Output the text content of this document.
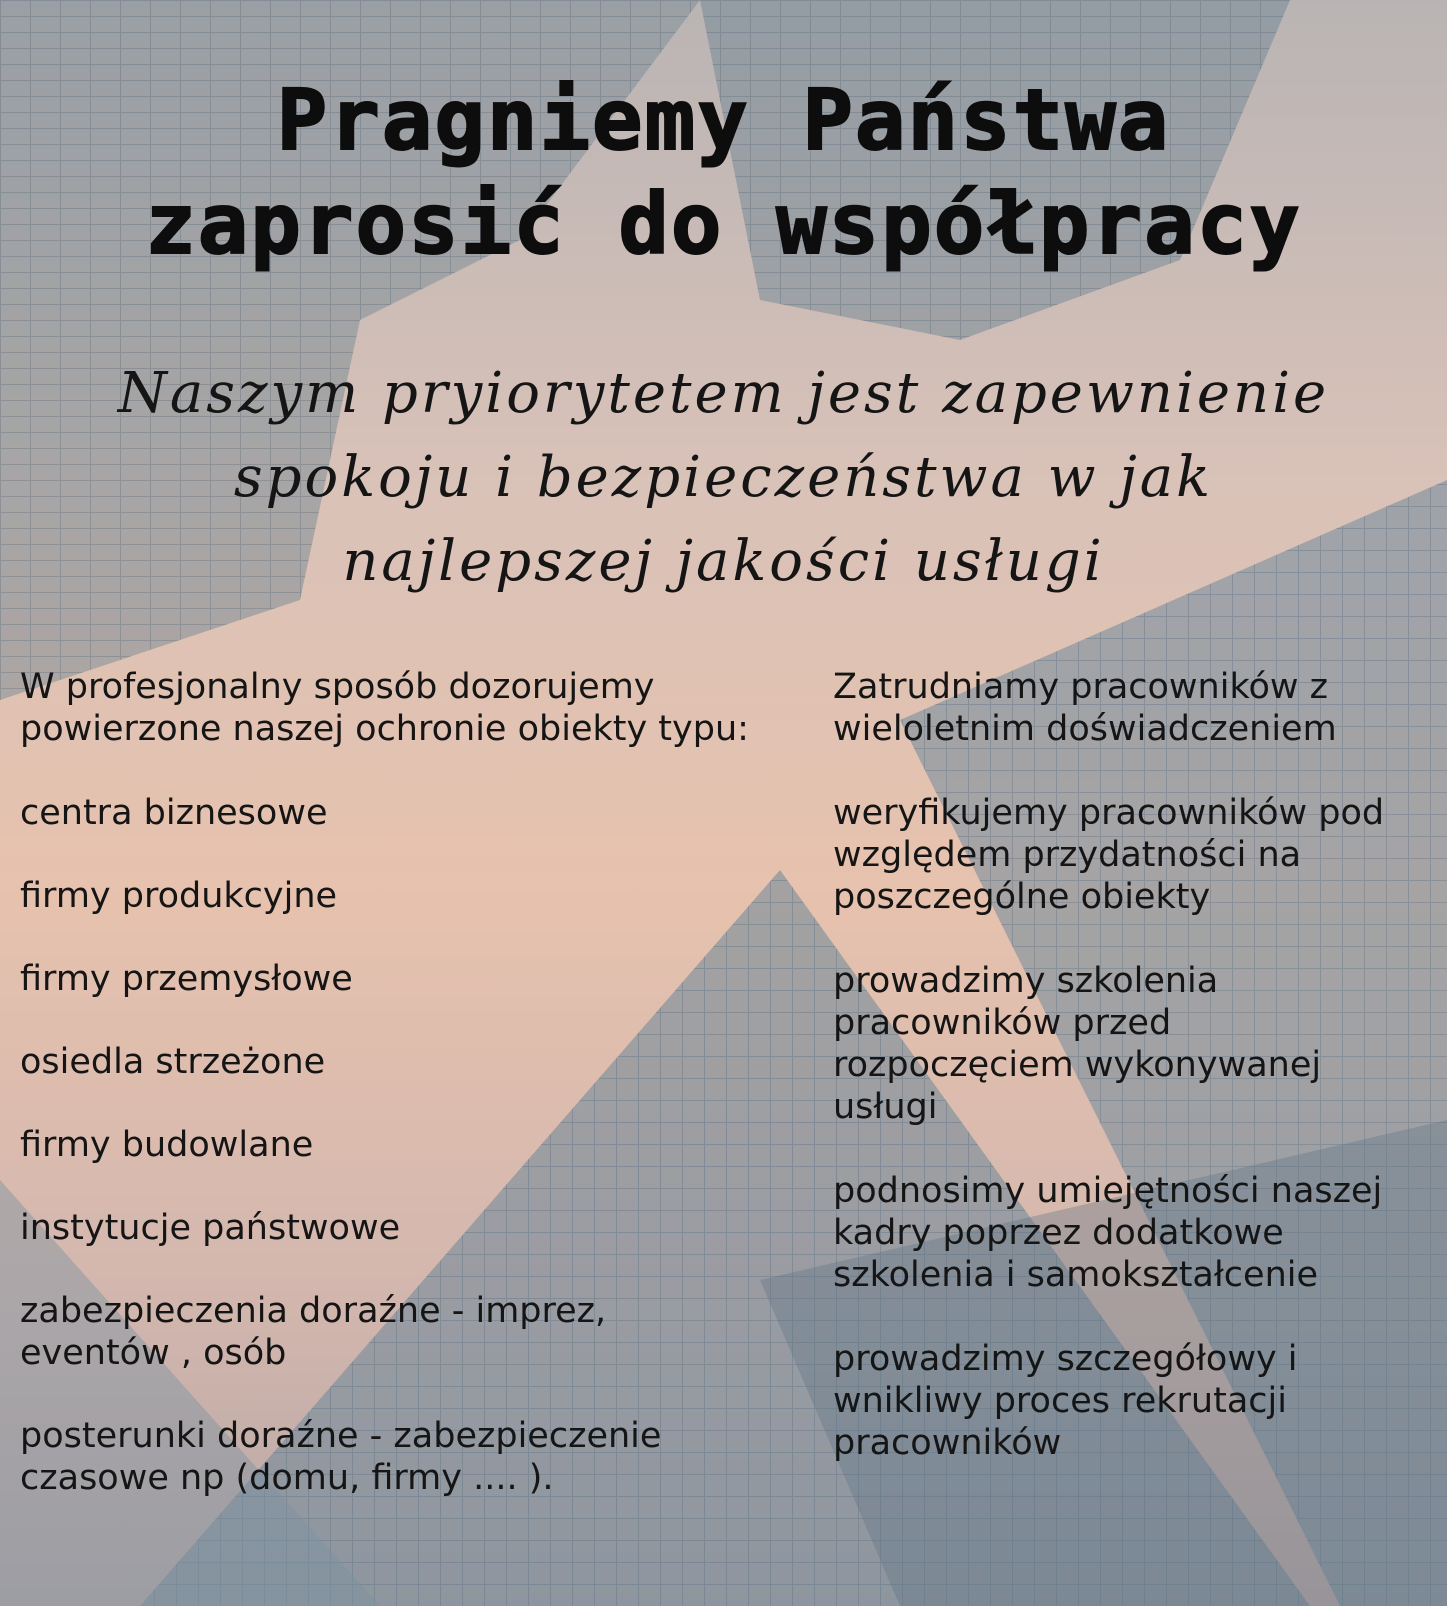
Pragniemy Państwa
zaprosić do współpracy
Naszym pryiorytetem jest zapewnienie
spokoju i bezpieczeństwa w jak
najlepszej jakości usługi

W profesjonalny sposób dozorujemy powierzone naszej ochronie obiekty typu:

centra biznesowe

firmy produkcyjne

firmy przemysłowe

osiedla strzeżone

firmy budowlane

instytucje państwowe

zabezpieczenia doraźne - imprez, eventów , osób

posterunki doraźne - zabezpieczenie czasowe np (domu, firmy .... ).

Zatrudniamy pracowników z wieloletnim doświadczeniem

weryfikujemy pracowników pod względem przydatności na poszczególne obiekty

prowadzimy szkolenia pracowników przed rozpoczęciem wykonywanej usługi

podnosimy umiejętności naszej kadry poprzez dodatkowe szkolenia i samokształcenie

prowadzimy szczegółowy i wnikliwy proces rekrutacji pracowników
